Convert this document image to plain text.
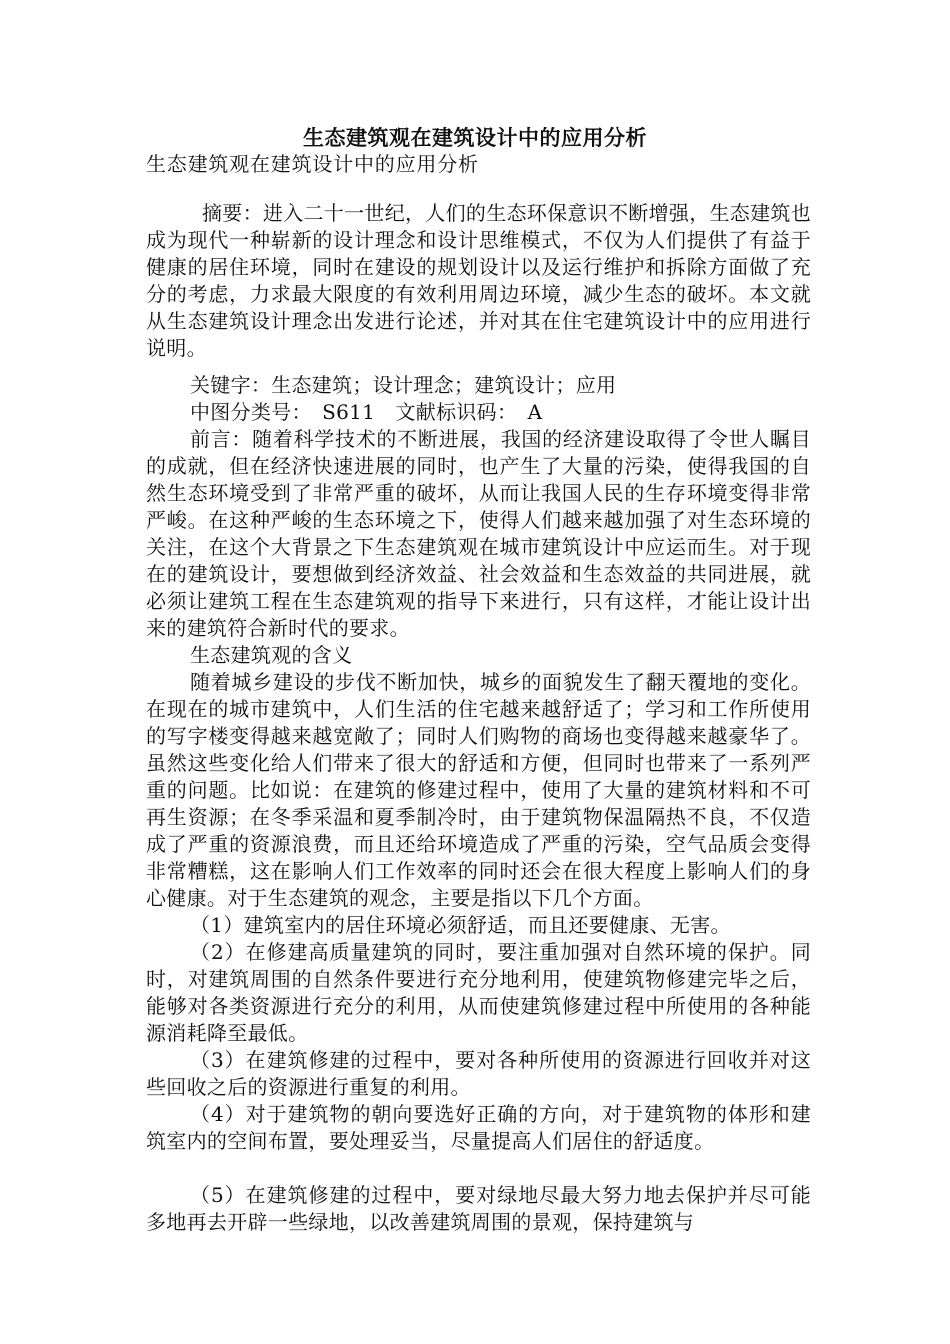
生态建筑观在建筑设计中的应用分析
生态建筑观在建筑设计中的应用分析

摘要：进入二十一世纪，人们的生态环保意识不断增强，生态建筑也成为现代一种崭新的设计理念和设计思维模式，不仅为人们提供了有益于健康的居住环境，同时在建设的规划设计以及运行维护和拆除方面做了充分的考虑，力求最大限度的有效利用周边环境，减少生态的破坏。本文就从生态建筑设计理念出发进行论述，并对其在住宅建筑设计中的应用进行说明。

关键字：生态建筑；设计理念；建筑设计；应用

中图分类号：　S611　文献标识码：　A

前言：随着科学技术的不断进展，我国的经济建设取得了令世人瞩目的成就，但在经济快速进展的同时，也产生了大量的污染，使得我国的自然生态环境受到了非常严重的破坏，从而让我国人民的生存环境变得非常严峻。在这种严峻的生态环境之下，使得人们越来越加强了对生态环境的关注，在这个大背景之下生态建筑观在城市建筑设计中应运而生。对于现在的建筑设计，要想做到经济效益、社会效益和生态效益的共同进展，就必须让建筑工程在生态建筑观的指导下来进行，只有这样，才能让设计出来的建筑符合新时代的要求。

生态建筑观的含义

随着城乡建设的步伐不断加快，城乡的面貌发生了翻天覆地的变化。在现在的城市建筑中，人们生活的住宅越来越舒适了；学习和工作所使用的写字楼变得越来越宽敞了；同时人们购物的商场也变得越来越豪华了。虽然这些变化给人们带来了很大的舒适和方便，但同时也带来了一系列严重的问题。比如说：在建筑的修建过程中，使用了大量的建筑材料和不可再生资源；在冬季采温和夏季制冷时，由于建筑物保温隔热不良，不仅造成了严重的资源浪费，而且还给环境造成了严重的污染，空气品质会变得非常糟糕，这在影响人们工作效率的同时还会在很大程度上影响人们的身心健康。对于生态建筑的观念，主要是指以下几个方面。

（1）建筑室内的居住环境必须舒适，而且还要健康、无害。

（2）在修建高质量建筑的同时，要注重加强对自然环境的保护。同时，对建筑周围的自然条件要进行充分地利用，使建筑物修建完毕之后，能够对各类资源进行充分的利用，从而使建筑修建过程中所使用的各种能源消耗降至最低。

（3）在建筑修建的过程中，要对各种所使用的资源进行回收并对这些回收之后的资源进行重复的利用。

（4）对于建筑物的朝向要选好正确的方向，对于建筑物的体形和建筑室内的空间布置，要处理妥当，尽量提高人们居住的舒适度。

（5）在建筑修建的过程中，要对绿地尽最大努力地去保护并尽可能多地再去开辟一些绿地，以改善建筑周围的景观，保持建筑与
